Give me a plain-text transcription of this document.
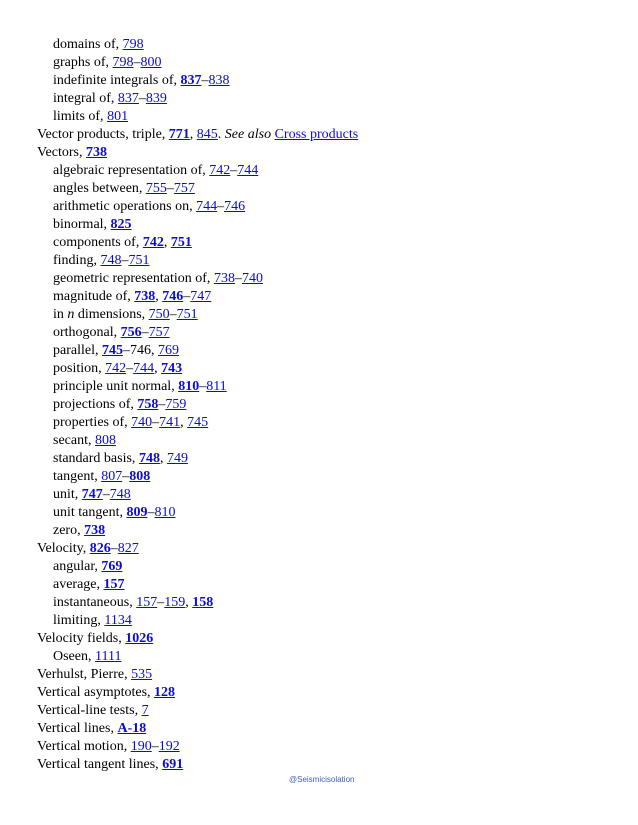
domains of, 798
graphs of, 798–800
indefinite integrals of, 837–838
integral of, 837–839
limits of, 801
Vector products, triple, 771, 845. See also Cross products
Vectors, 738
algebraic representation of, 742–744
angles between, 755–757
arithmetic operations on, 744–746
binormal, 825
components of, 742, 751
finding, 748–751
geometric representation of, 738–740
magnitude of, 738, 746–747
in n dimensions, 750–751
orthogonal, 756–757
parallel, 745–746, 769
position, 742–744, 743
principle unit normal, 810–811
projections of, 758–759
properties of, 740–741, 745
secant, 808
standard basis, 748, 749
tangent, 807–808
unit, 747–748
unit tangent, 809–810
zero, 738
Velocity, 826–827
angular, 769
average, 157
instantaneous, 157–159, 158
limiting, 1134
Velocity fields, 1026
Oseen, 1111
Verhulst, Pierre, 535
Vertical asymptotes, 128
Vertical-line tests, 7
Vertical lines, A-18
Vertical motion, 190–192
Vertical tangent lines, 691
@Seismicisolation
